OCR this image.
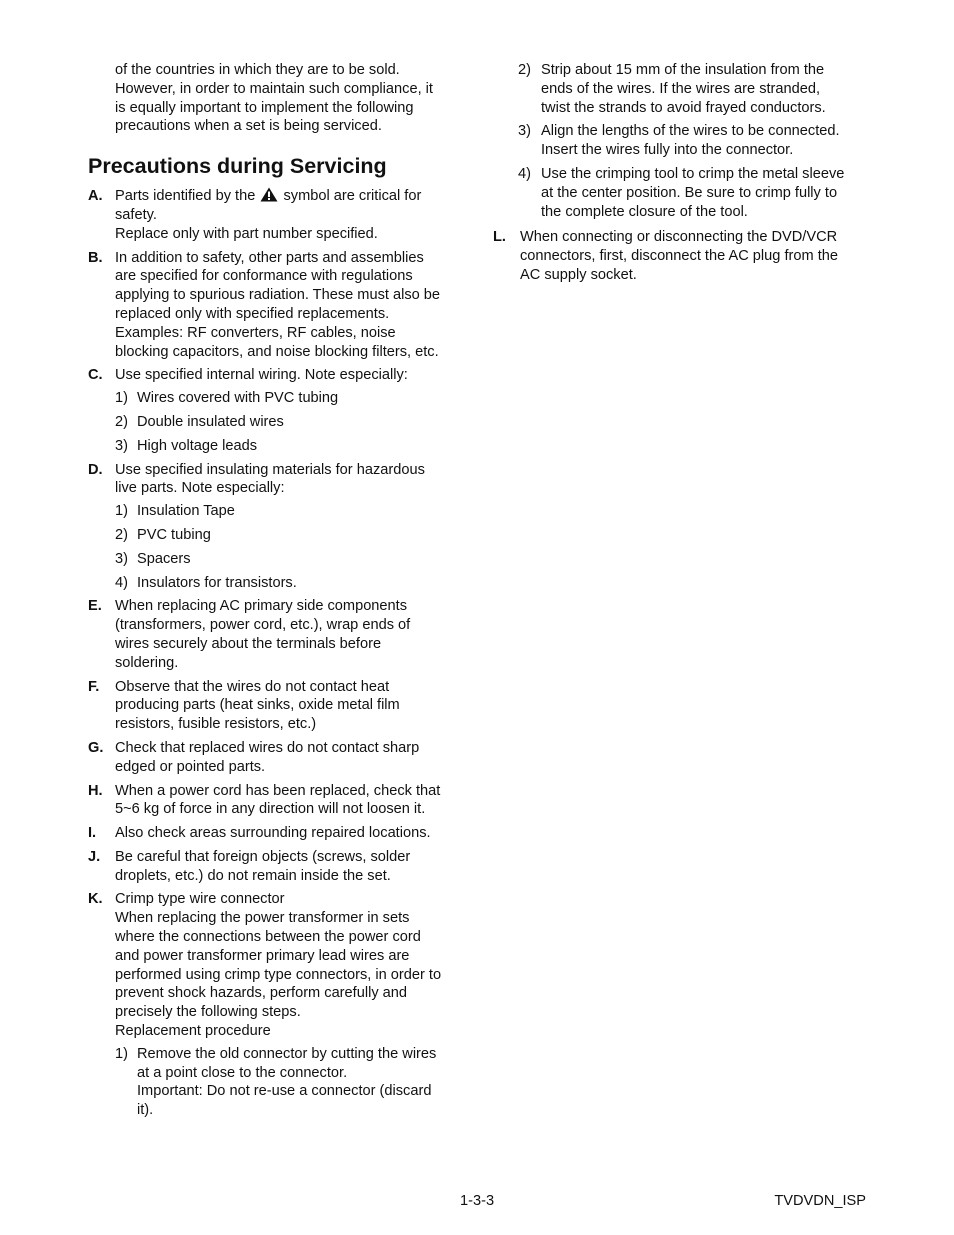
of the countries in which they are to be sold.
However, in order to maintain such compliance, it
is equally important to implement the following
precautions when a set is being serviced.
Precautions during Servicing
A. Parts identified by the symbol are critical for
safety.
Replace only with part number specified.
B. In addition to safety, other parts and assemblies
are specified for conformance with regulations
applying to spurious radiation. These must also be
replaced only with specified replacements.
Examples: RF converters, RF cables, noise
blocking capacitors, and noise blocking filters, etc.
C. Use specified internal wiring. Note especially:
1) Wires covered with PVC tubing
2) Double insulated wires
3) High voltage leads
D. Use specified insulating materials for hazardous
live parts. Note especially:
1) Insulation Tape
2) PVC tubing
3) Spacers
4) Insulators for transistors.
E. When replacing AC primary side components
(transformers, power cord, etc.), wrap ends of
wires securely about the terminals before
soldering.
F. Observe that the wires do not contact heat
producing parts (heat sinks, oxide metal film
resistors, fusible resistors, etc.)
G. Check that replaced wires do not contact sharp
edged or pointed parts.
H. When a power cord has been replaced, check that
5~6 kg of force in any direction will not loosen it.
I. Also check areas surrounding repaired locations.
J. Be careful that foreign objects (screws, solder
droplets, etc.) do not remain inside the set.
K. Crimp type wire connector
When replacing the power transformer in sets
where the connections between the power cord
and power transformer primary lead wires are
performed using crimp type connectors, in order to
prevent shock hazards, perform carefully and
precisely the following steps.
Replacement procedure
1) Remove the old connector by cutting the wires
at a point close to the connector.
Important: Do not re-use a connector (discard
it).
2) Strip about 15 mm of the insulation from the
ends of the wires. If the wires are stranded,
twist the strands to avoid frayed conductors.
3) Align the lengths of the wires to be connected.
Insert the wires fully into the connector.
4) Use the crimping tool to crimp the metal sleeve
at the center position. Be sure to crimp fully to
the complete closure of the tool.
L. When connecting or disconnecting the DVD/VCR
connectors, first, disconnect the AC plug from the
AC supply socket.
1-3-3	TVDVDN_ISP
